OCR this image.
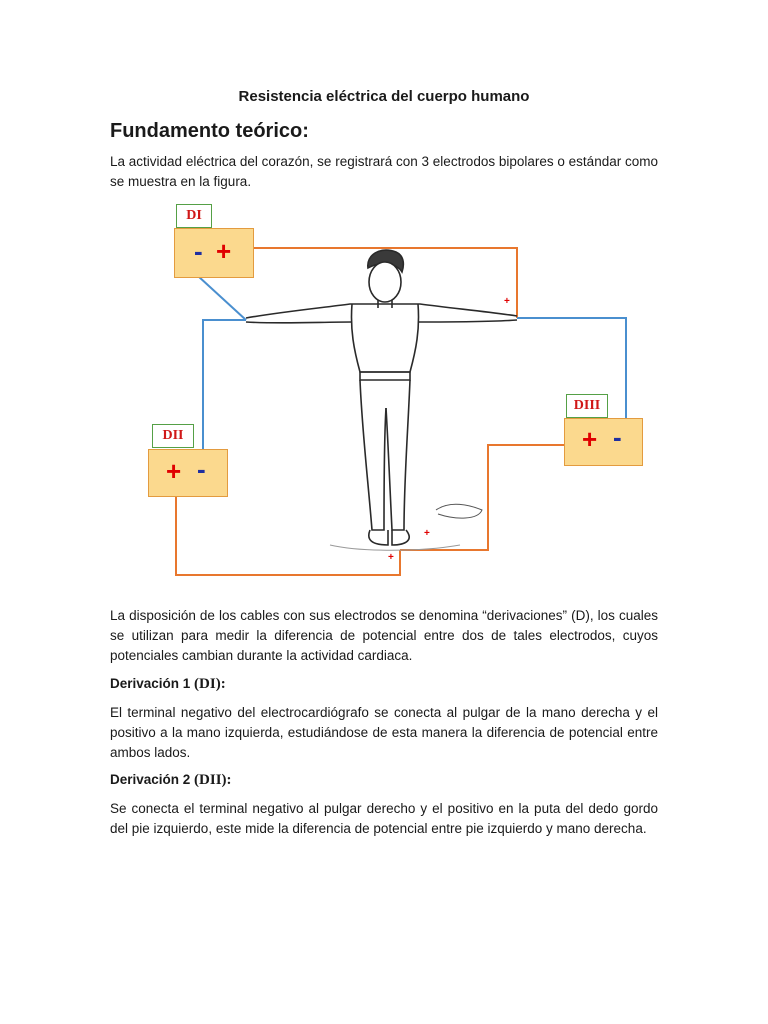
Resistencia eléctrica del cuerpo humano
Fundamento teórico:
La actividad eléctrica del corazón, se registrará con 3 electrodos bipolares o estándar como se muestra en la figura.
DI
- +
DII
+ -
DIII
+ -
+
+
+
La disposición de los cables con sus electrodos se denomina “derivaciones” (D), los cuales se utilizan para medir la diferencia de potencial entre dos de tales electrodos, cuyos potenciales cambian durante la actividad cardiaca.
Derivación 1 (DI):
El terminal negativo del electrocardiógrafo se conecta al pulgar de la mano derecha y el positivo a la mano izquierda, estudiándose de esta manera la diferencia de potencial entre ambos lados.
Derivación 2 (DII):
Se conecta el terminal negativo al pulgar derecho y el positivo en la puta del dedo gordo del pie izquierdo, este mide la diferencia de potencial entre pie izquierdo y mano derecha.
